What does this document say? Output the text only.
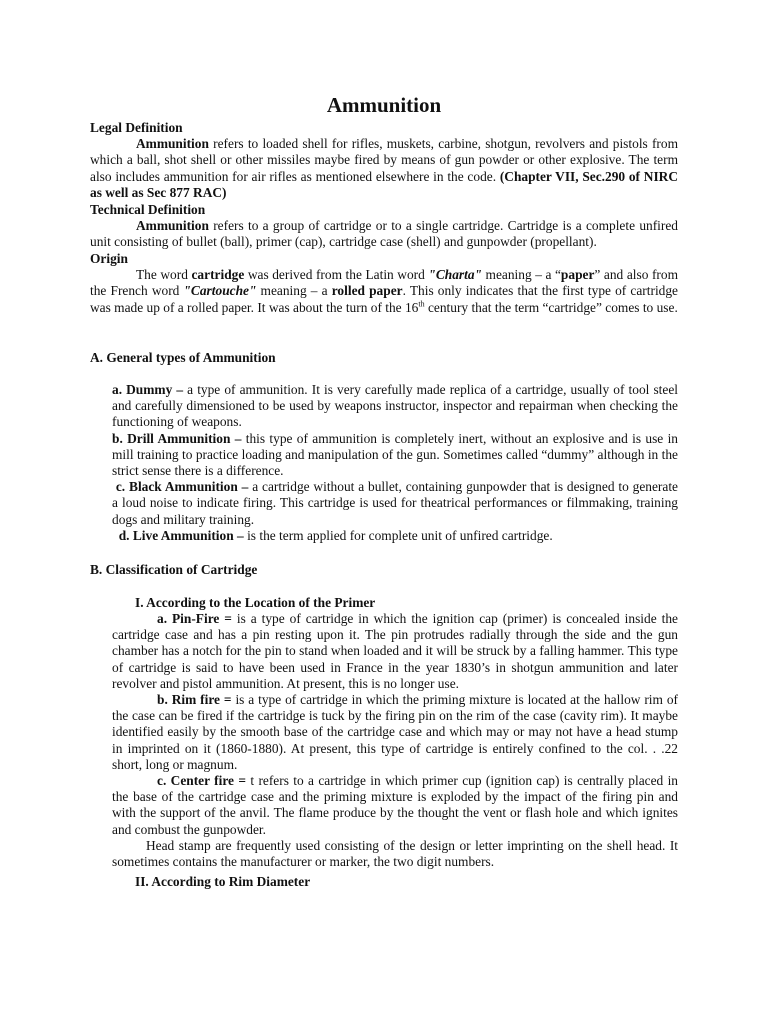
Ammunition

Legal Definition

Ammunition refers to loaded shell for rifles, muskets, carbine, shotgun, revolvers and pistols from which a ball, shot shell or other missiles maybe fired by means of gun powder or other explosive. The term also includes ammunition for air rifles as mentioned elsewhere in the code. (Chapter VII, Sec.290 of NIRC as well as Sec 877 RAC)

Technical Definition

Ammunition refers to a group of cartridge or to a single cartridge. Cartridge is a complete unfired unit consisting of bullet (ball), primer (cap), cartridge case (shell) and gunpowder (propellant).

Origin

The word cartridge was derived from the Latin word "Charta" meaning – a “paper” and also from the French word "Cartouche" meaning – a rolled paper. This only indicates that the first type of cartridge was made up of a rolled paper. It was about the turn of the 16th century that the term “cartridge” comes to use.

A. General types of Ammunition

a. Dummy – a type of ammunition. It is very carefully made replica of a cartridge, usually of tool steel and carefully dimensioned to be used by weapons instructor, inspector and repairman when checking the functioning of weapons.

b. Drill Ammunition – this type of ammunition is completely inert, without an explosive and is use in mill training to practice loading and manipulation of the gun. Sometimes called “dummy” although in the strict sense there is a difference.

c. Black Ammunition – a cartridge without a bullet, containing gunpowder that is designed to generate a loud noise to indicate firing. This cartridge is used for theatrical performances or filmmaking, training dogs and military training.

d. Live Ammunition – is the term applied for complete unit of unfired cartridge.

B. Classification of Cartridge

I. According to the Location of the Primer

a. Pin-Fire = is a type of cartridge in which the ignition cap (primer) is concealed inside the cartridge case and has a pin resting upon it. The pin protrudes radially through the side and the gun chamber has a notch for the pin to stand when loaded and it will be struck by a falling hammer. This type of cartridge is said to have been used in France in the year 1830’s in shotgun ammunition and later revolver and pistol ammunition. At present, this is no longer use.

b. Rim fire = is a type of cartridge in which the priming mixture is located at the hallow rim of the case can be fired if the cartridge is tuck by the firing pin on the rim of the case (cavity rim). It maybe identified easily by the smooth base of the cartridge case and which may or may not have a head stump in imprinted on it (1860-1880). At present, this type of cartridge is entirely confined to the col. . .22 short, long or magnum.

c. Center fire = t refers to a cartridge in which primer cup (ignition cap) is centrally placed in the base of the cartridge case and the priming mixture is exploded by the impact of the firing pin and with the support of the anvil. The flame produce by the thought the vent or flash hole and which ignites and combust the gunpowder.

Head stamp are frequently used consisting of the design or letter imprinting on the shell head. It sometimes contains the manufacturer or marker, the two digit numbers.

II. According to Rim Diameter
